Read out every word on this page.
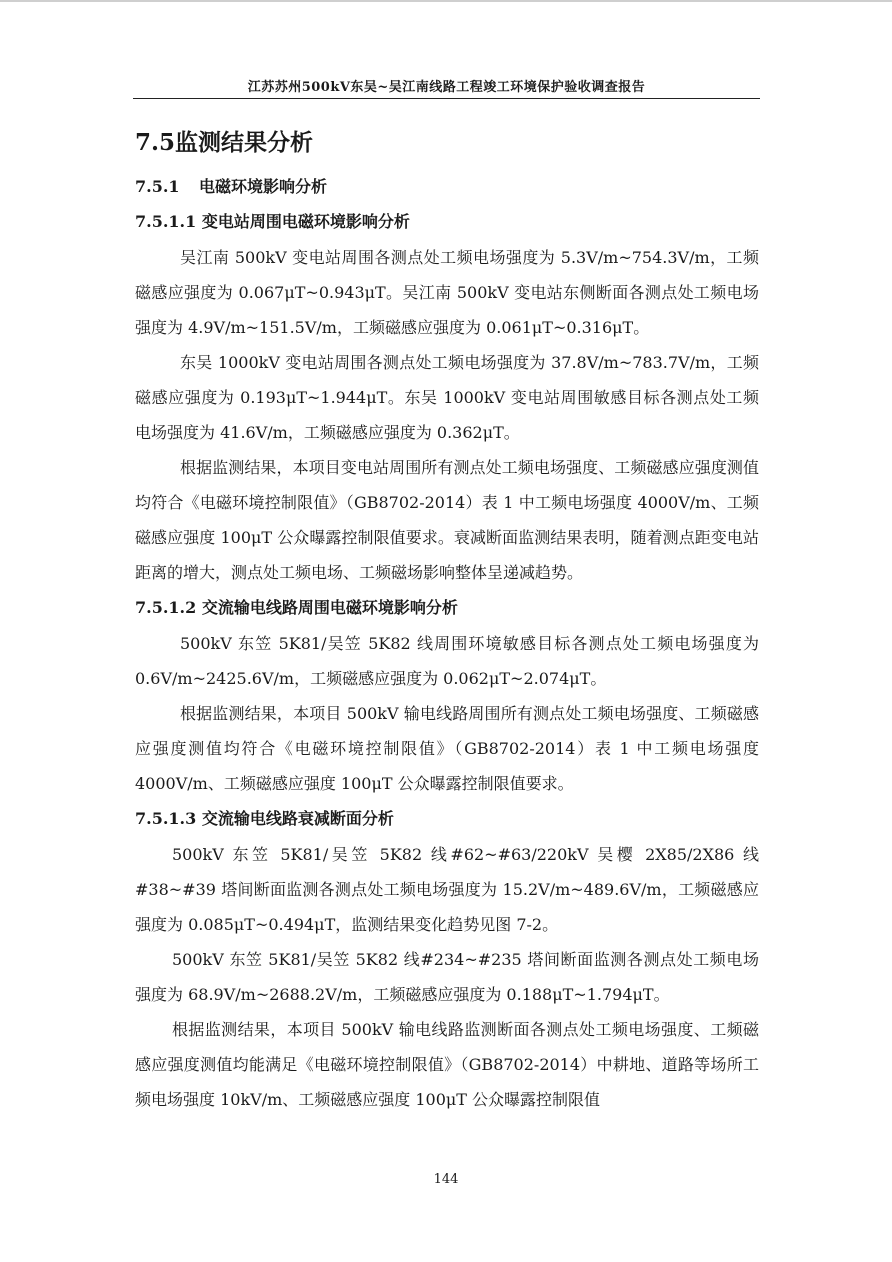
江苏苏州500kV东吴~吴江南线路工程竣工环境保护验收调查报告
7.5监测结果分析
7.5.1 电磁环境影响分析
7.5.1.1 变电站周围电磁环境影响分析

吴江南 500kV 变电站周围各测点处工频电场强度为 5.3V/m~754.3V/m，工频磁感应强度为 0.067μT~0.943μT。吴江南 500kV 变电站东侧断面各测点处工频电场强度为 4.9V/m~151.5V/m，工频磁感应强度为 0.061μT~0.316μT。

东吴 1000kV 变电站周围各测点处工频电场强度为 37.8V/m~783.7V/m，工频磁感应强度为 0.193μT~1.944μT。东吴 1000kV 变电站周围敏感目标各测点处工频电场强度为 41.6V/m，工频磁感应强度为 0.362μT。

根据监测结果，本项目变电站周围所有测点处工频电场强度、工频磁感应强度测值均符合《电磁环境控制限值》（GB8702-2014）表 1 中工频电场强度 4000V/m、工频磁感应强度 100μT 公众曝露控制限值要求。衰减断面监测结果表明，随着测点距变电站距离的增大，测点处工频电场、工频磁场影响整体呈递减趋势。

7.5.1.2 交流输电线路周围电磁环境影响分析

500kV 东笠 5K81/吴笠 5K82 线周围环境敏感目标各测点处工频电场强度为 0.6V/m~2425.6V/m，工频磁感应强度为 0.062μT~2.074μT。

根据监测结果，本项目 500kV 输电线路周围所有测点处工频电场强度、工频磁感应强度测值均符合《电磁环境控制限值》（GB8702-2014）表 1 中工频电场强度 4000V/m、工频磁感应强度 100μT 公众曝露控制限值要求。

7.5.1.3 交流输电线路衰减断面分析

500kV 东笠 5K81/吴笠 5K82 线#62~#63/220kV 吴樱 2X85/2X86 线#38~#39 塔间断面监测各测点处工频电场强度为 15.2V/m~489.6V/m，工频磁感应强度为 0.085μT~0.494μT，监测结果变化趋势见图 7-2。

500kV 东笠 5K81/吴笠 5K82 线#234~#235 塔间断面监测各测点处工频电场强度为 68.9V/m~2688.2V/m，工频磁感应强度为 0.188μT~1.794μT。

根据监测结果，本项目 500kV 输电线路监测断面各测点处工频电场强度、工频磁感应强度测值均能满足《电磁环境控制限值》（GB8702-2014）中耕地、道路等场所工频电场强度 10kV/m、工频磁感应强度 100μT 公众曝露控制限值

144
